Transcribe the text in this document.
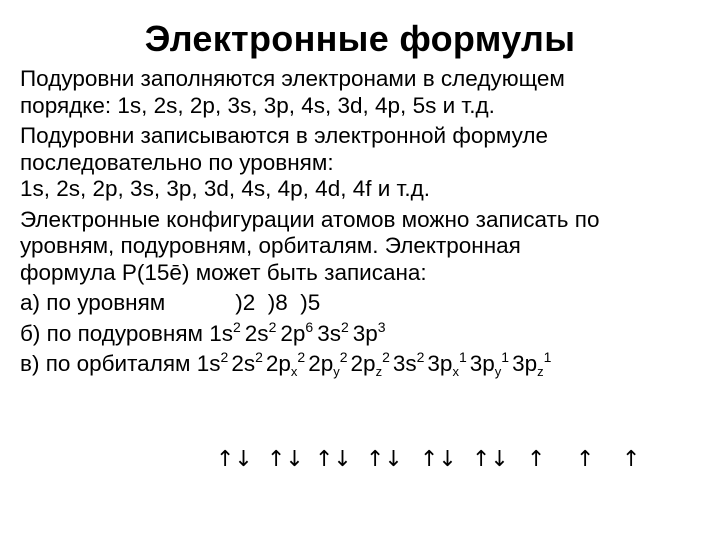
Электронные формулы
Подуровни заполняются электронами в следующем
порядке: 1s, 2s, 2p, 3s, 3p, 4s, 3d, 4p, 5s и т.д.
Подуровни записываются в электронной формуле
последовательно по уровням:
1s, 2s, 2p, 3s, 3p, 3d, 4s, 4p, 4d, 4f и т.д.
Электронные конфигурации атомов можно записать по
уровням, подуровням, орбиталям. Электронная
формула Р(15ē) может быть записана:
а) по уровням	)2  )8  )5
б) по подуровням $1s^2$ $2s^2$ $2p^6$ $3s^2$ $3p^3$
в) по орбиталям $1s^2$ $2s^2$ $2p_x^2$ $2p_y^2$ $2p_z^2$ $3s^2$ $3p_x^1$ $3p_y^1$ $3p_z^1$
↑↓ ↑↓ ↑↓ ↑↓ ↑↓ ↑↓ ↑ ↑ ↑
